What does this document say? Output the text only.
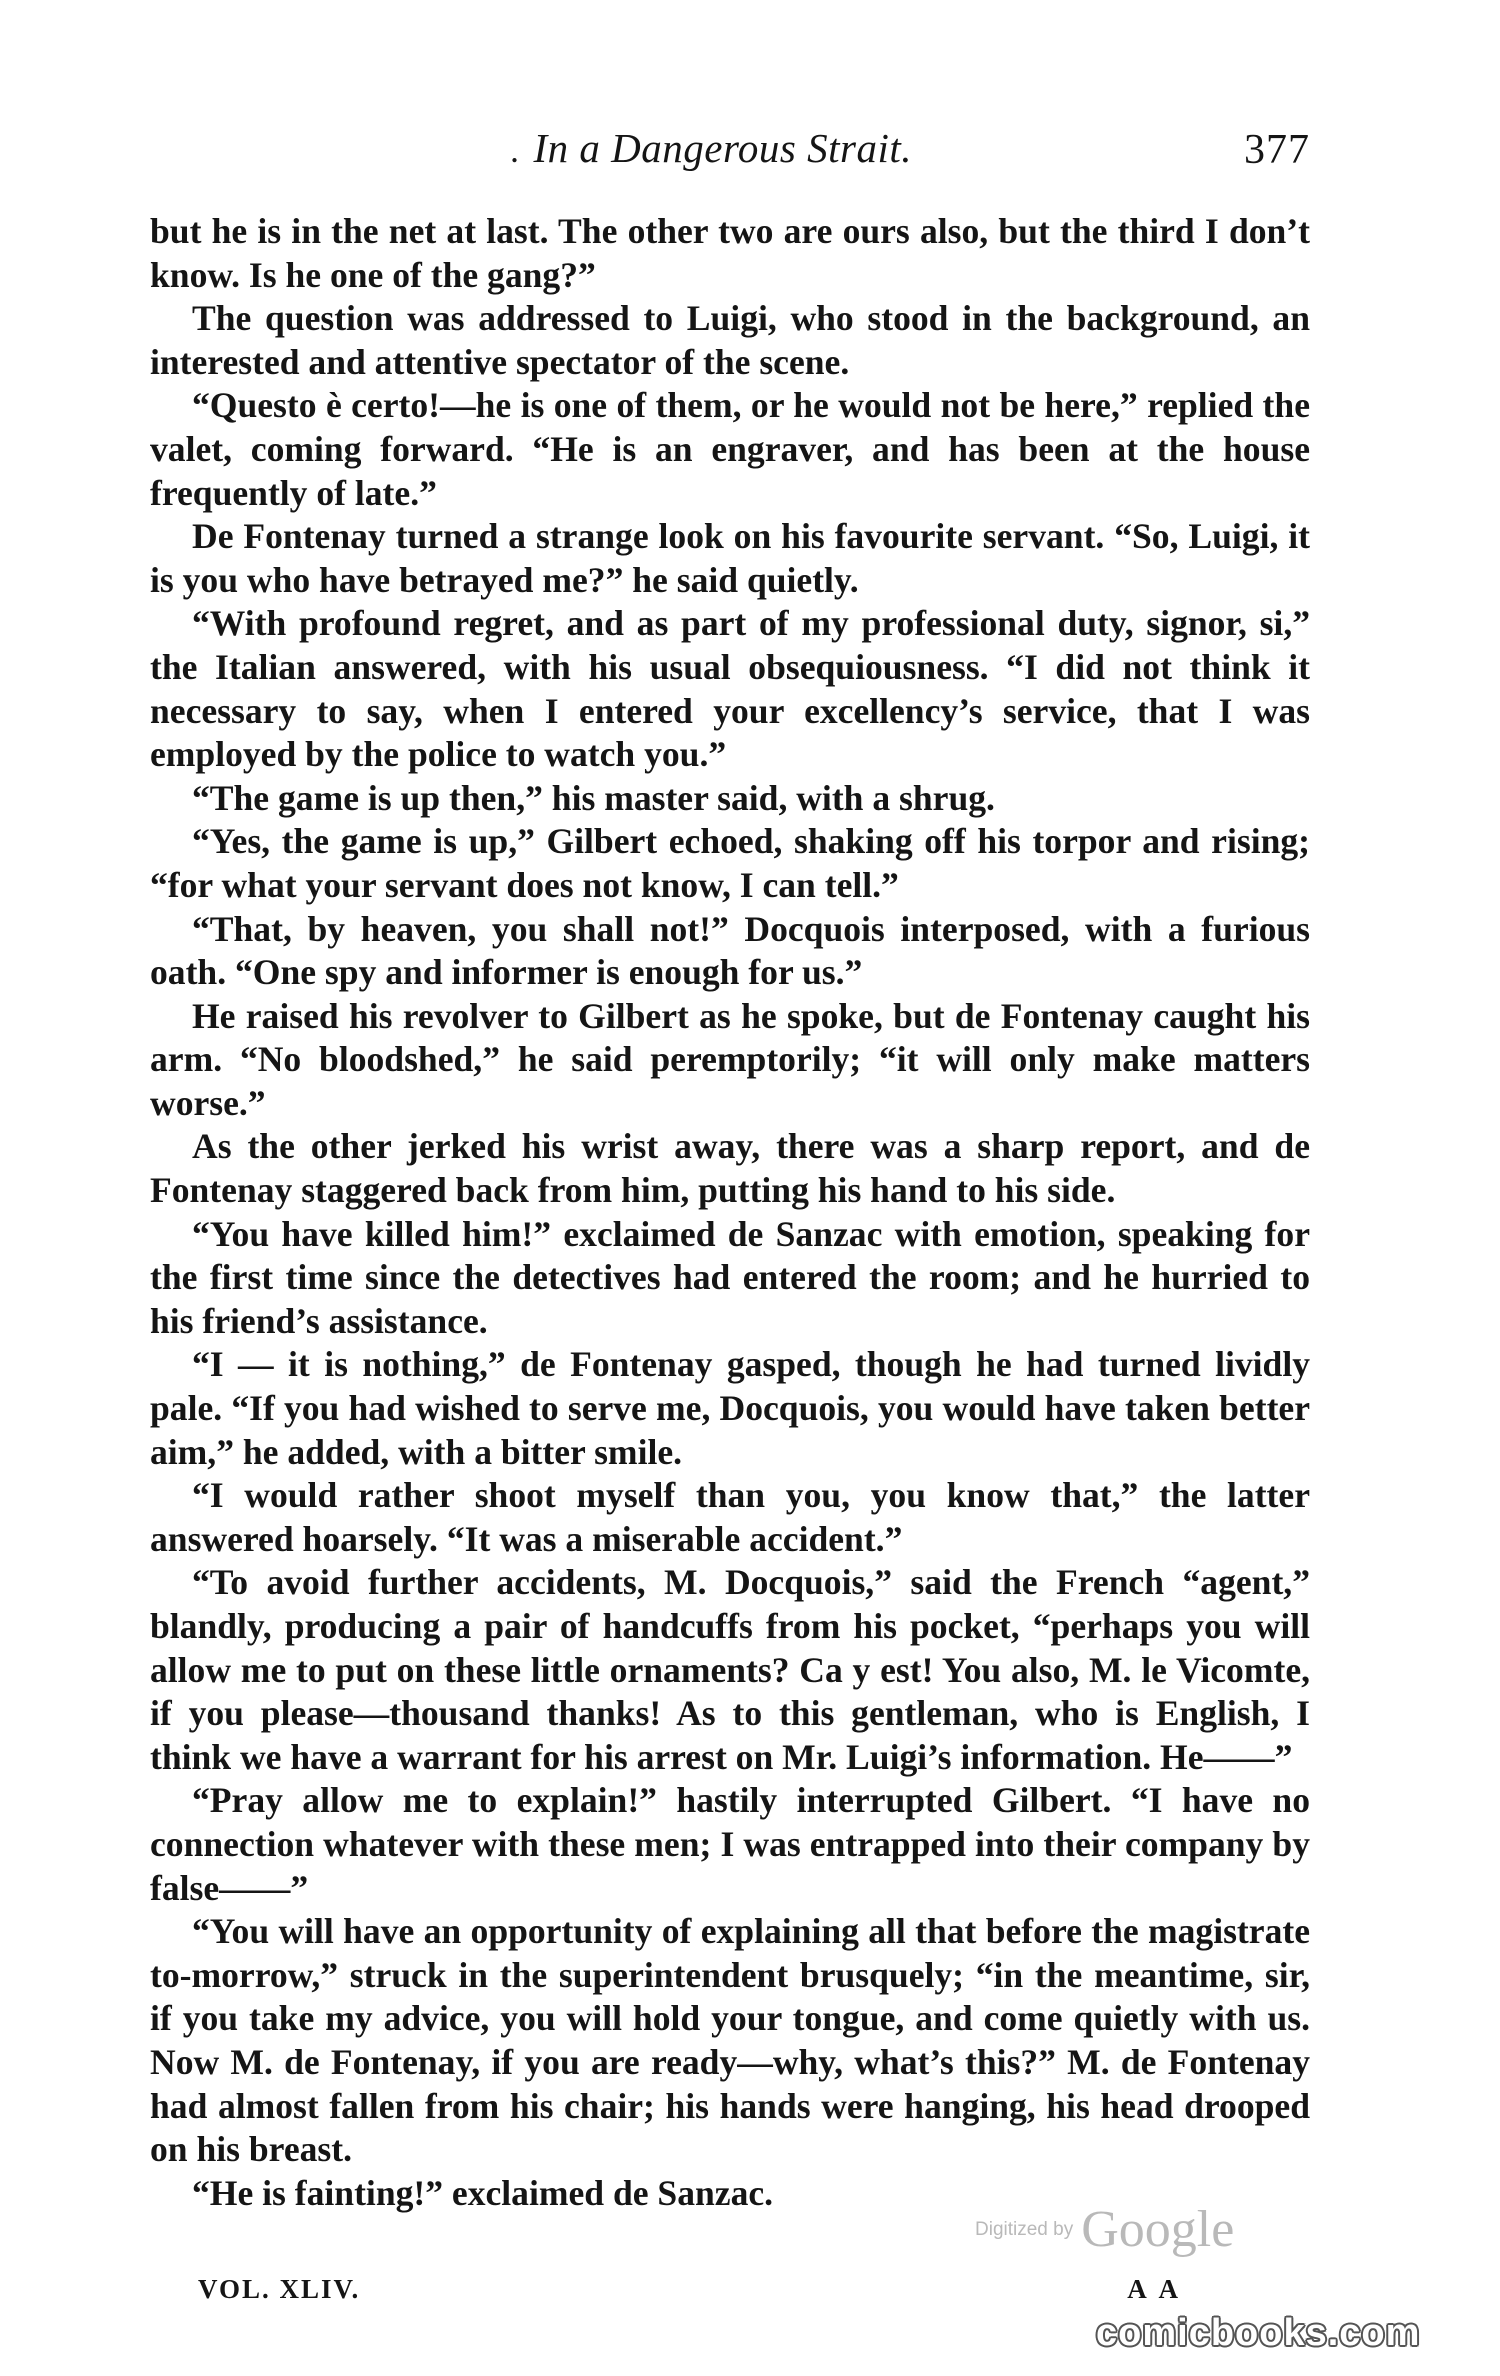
. In a Dangerous Strait.	377

but he is in the net at last. The other two are ours also, but the third I don’t know. Is he one of the gang?”

The question was addressed to Luigi, who stood in the background, an interested and attentive spectator of the scene.

“Questo è certo!—he is one of them, or he would not be here,” replied the valet, coming forward. “He is an engraver, and has been at the house frequently of late.”

De Fontenay turned a strange look on his favourite servant. “So, Luigi, it is you who have betrayed me?” he said quietly.

“With profound regret, and as part of my professional duty, signor, si,” the Italian answered, with his usual obsequiousness. “I did not think it necessary to say, when I entered your excellency’s service, that I was employed by the police to watch you.”

“The game is up then,” his master said, with a shrug.

“Yes, the game is up,” Gilbert echoed, shaking off his torpor and rising; “for what your servant does not know, I can tell.”

“That, by heaven, you shall not!” Docquois interposed, with a furious oath. “One spy and informer is enough for us.”

He raised his revolver to Gilbert as he spoke, but de Fontenay caught his arm. “No bloodshed,” he said peremptorily; “it will only make matters worse.”

As the other jerked his wrist away, there was a sharp report, and de Fontenay staggered back from him, putting his hand to his side.

“You have killed him!” exclaimed de Sanzac with emotion, speaking for the first time since the detectives had entered the room; and he hurried to his friend’s assistance.

“I — it is nothing,” de Fontenay gasped, though he had turned lividly pale. “If you had wished to serve me, Docquois, you would have taken better aim,” he added, with a bitter smile.

“I would rather shoot myself than you, you know that,” the latter answered hoarsely. “It was a miserable accident.”

“To avoid further accidents, M. Docquois,” said the French “agent,” blandly, producing a pair of handcuffs from his pocket, “perhaps you will allow me to put on these little ornaments? Ca y est! You also, M. le Vicomte, if you please—thousand thanks! As to this gentleman, who is English, I think we have a warrant for his arrest on Mr. Luigi’s information. He——”

“Pray allow me to explain!” hastily interrupted Gilbert. “I have no connection whatever with these men; I was entrapped into their company by false——”

“You will have an opportunity of explaining all that before the magistrate to-morrow,” struck in the superintendent brusquely; “in the meantime, sir, if you take my advice, you will hold your tongue, and come quietly with us. Now M. de Fontenay, if you are ready—why, what’s this?” M. de Fontenay had almost fallen from his chair; his hands were hanging, his head drooped on his breast.

“He is fainting!” exclaimed de Sanzac.

Digitized by Google
VOL. XLIV.	A A
comicbooks.com
